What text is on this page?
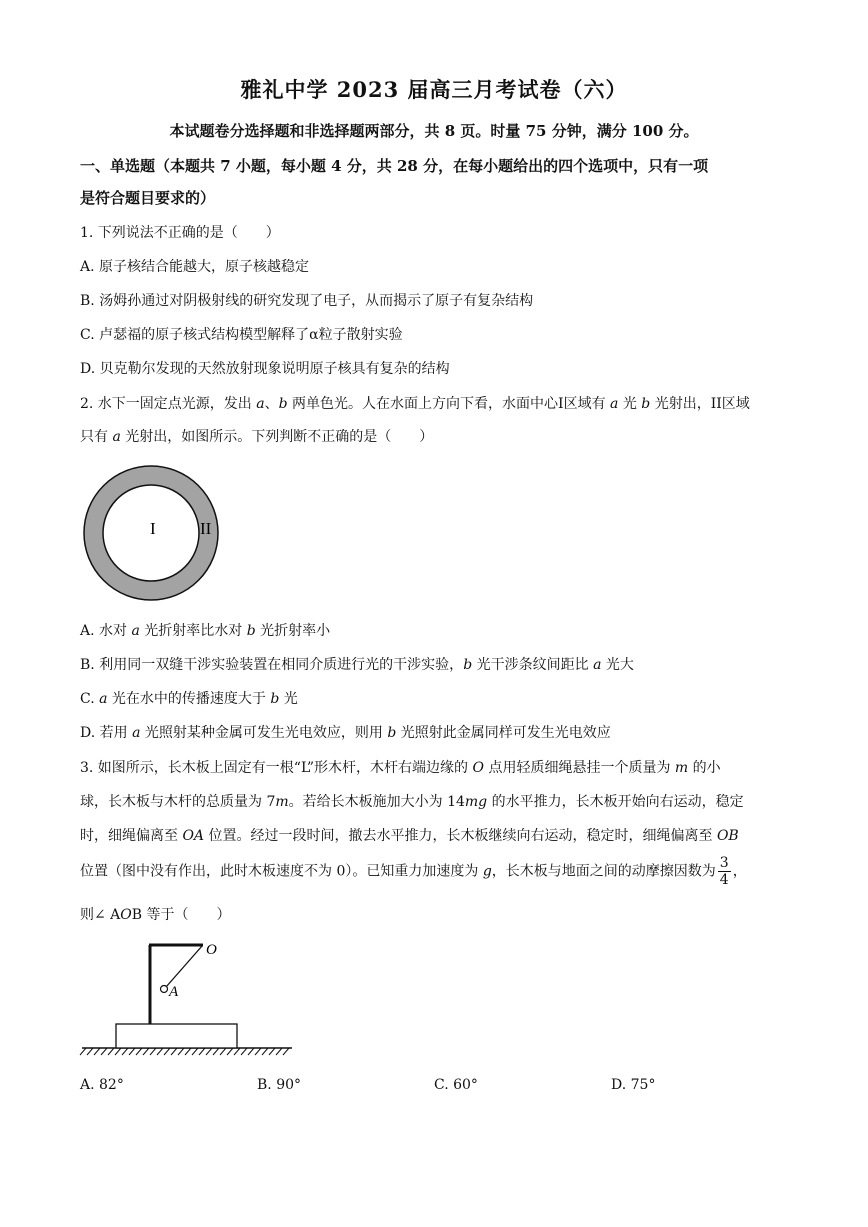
雅礼中学 2023 届高三月考试卷（六）
本试题卷分选择题和非选择题两部分，共 8 页。时量 75 分钟，满分 100 分。
一、单选题（本题共 7 小题，每小题 4 分，共 28 分，在每小题给出的四个选项中，只有一项
是符合题目要求的）
1. 下列说法不正确的是（　　）
A. 原子核结合能越大，原子核越稳定
B. 汤姆孙通过对阴极射线的研究发现了电子，从而揭示了原子有复杂结构
C. 卢瑟福的原子核式结构模型解释了α粒子散射实验
D. 贝克勒尔发现的天然放射现象说明原子核具有复杂的结构
2. 水下一固定点光源，发出 a、b 两单色光。人在水面上方向下看，水面中心I区域有 a 光 b 光射出，II区域
只有 a 光射出，如图所示。下列判断不正确的是（　　）
I	II
A. 水对 a 光折射率比水对 b 光折射率小
B. 利用同一双缝干涉实验装置在相同介质进行光的干涉实验，b 光干涉条纹间距比 a 光大
C. a 光在水中的传播速度大于 b 光
D. 若用 a 光照射某种金属可发生光电效应，则用 b 光照射此金属同样可发生光电效应
3. 如图所示，长木板上固定有一根“L”形木杆，木杆右端边缘的 O 点用轻质细绳悬挂一个质量为 m 的小
球，长木板与木杆的总质量为 7m。若给长木板施加大小为 14mg 的水平推力，长木板开始向右运动，稳定
时，细绳偏离至 OA 位置。经过一段时间，撤去水平推力，长木板继续向右运动，稳定时，细绳偏离至 OB
位置（图中没有作出，此时木板速度不为 0）。已知重力加速度为 g，长木板与地面之间的动摩擦因数为 $\frac{3}{4}$ ，
则∠ AOB 等于（　　）
O
A
A. 82°	B. 90°	C. 60°	D. 75°
